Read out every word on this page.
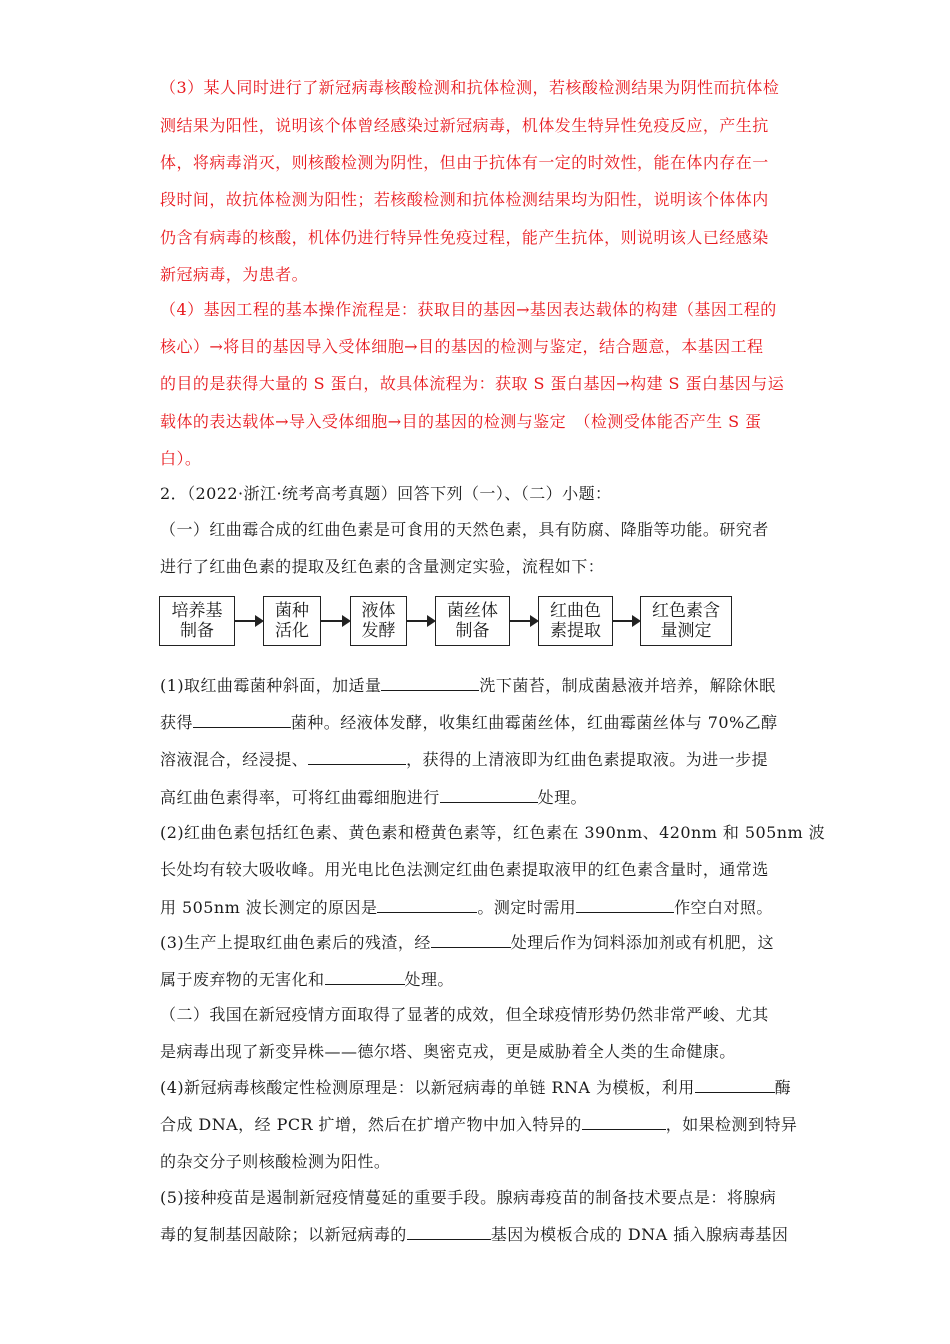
（3）某人同时进行了新冠病毒核酸检测和抗体检测，若核酸检测结果为阴性而抗体检
测结果为阳性，说明该个体曾经感染过新冠病毒，机体发生特异性免疫反应，产生抗
体，将病毒消灭，则核酸检测为阴性，但由于抗体有一定的时效性，能在体内存在一
段时间，故抗体检测为阳性；若核酸检测和抗体检测结果均为阳性，说明该个体体内
仍含有病毒的核酸，机体仍进行特异性免疫过程，能产生抗体，则说明该人已经感染
新冠病毒，为患者。
（4）基因工程的基本操作流程是：获取目的基因→基因表达载体的构建（基因工程的
核心）→将目的基因导入受体细胞→目的基因的检测与鉴定，结合题意，本基因工程
的目的是获得大量的 S 蛋白，故具体流程为：获取 S 蛋白基因→构建 S 蛋白基因与运
载体的表达载体→导入受体细胞→目的基因的检测与鉴定　（检测受体能否产生 S 蛋
白）。
2．（2022·浙江·统考高考真题）回答下列（一）、（二）小题：
（一）红曲霉合成的红曲色素是可食用的天然色素，具有防腐、降脂等功能。研究者
进行了红曲色素的提取及红色素的含量测定实验，流程如下：
培养基
制备
菌种
活化
液体
发酵
菌丝体
制备
红曲色
素提取
红色素含
量测定
(1)取红曲霉菌种斜面，加适量	洗下菌苔，制成菌悬液并培养，解除休眠
获得	菌种。经液体发酵，收集红曲霉菌丝体，红曲霉菌丝体与 70%乙醇
溶液混合，经浸提、	，获得的上清液即为红曲色素提取液。为进一步提
高红曲色素得率，可将红曲霉细胞进行	处理。
(2)红曲色素包括红色素、黄色素和橙黄色素等，红色素在 390nm、420nm 和 505nm 波
长处均有较大吸收峰。用光电比色法测定红曲色素提取液甲的红色素含量时，通常选
用 505nm 波长测定的原因是	。测定时需用	作空白对照。
(3)生产上提取红曲色素后的残渣，经	处理后作为饲料添加剂或有机肥，这
属于废弃物的无害化和	处理。
（二）我国在新冠疫情方面取得了显著的成效，但全球疫情形势仍然非常严峻、尤其
是病毒出现了新变异株——德尔塔、奥密克戎，更是威胁着全人类的生命健康。
(4)新冠病毒核酸定性检测原理是：以新冠病毒的单链 RNA 为模板，利用	酶
合成 DNA，经 PCR 扩增，然后在扩增产物中加入特异的	，如果检测到特异
的杂交分子则核酸检测为阳性。
(5)接种疫苗是遏制新冠疫情蔓延的重要手段。腺病毒疫苗的制备技术要点是：将腺病
毒的复制基因敲除；以新冠病毒的	基因为模板合成的 DNA 插入腺病毒基因
